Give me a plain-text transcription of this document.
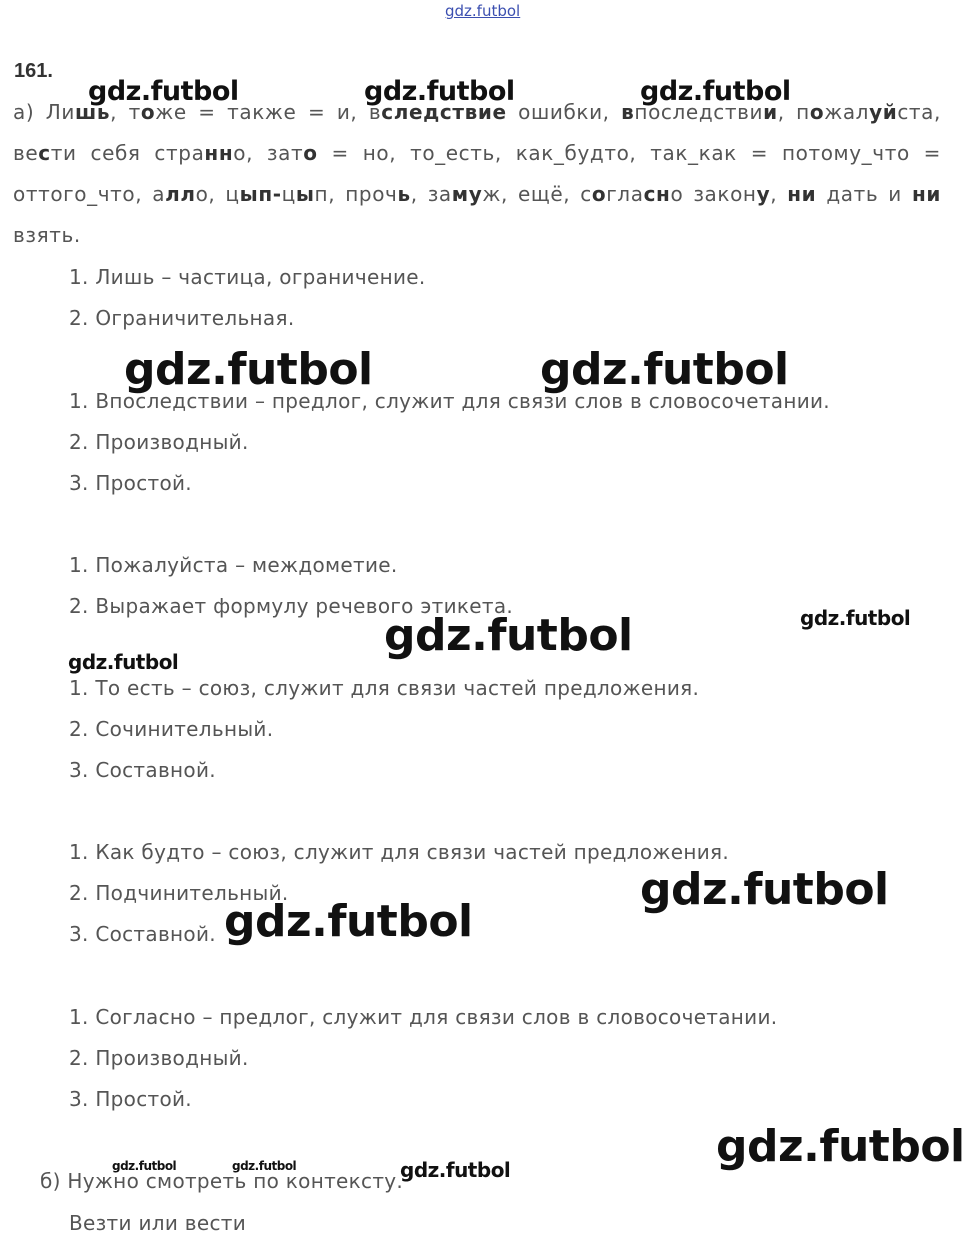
gdz.futbol
161.
а) Лишь, тоже = также = и, вследствие ошибки, впоследствии, пожалуйста, вести себя странно, зато = но, то_есть, как_будто, так_как = потому_что = оттого_что, алло, цып-цып, прочь, замуж, ещё, согласно закону, ни дать и ни взять.
1. Лишь – частица, ограничение.
2. Ограничительная.
1. Впоследствии – предлог, служит для связи слов в словосочетании.
2. Производный.
3. Простой.
1. Пожалуйста – междометие.
2. Выражает формулу речевого этикета.
1. То есть – союз, служит для связи частей предложения.
2. Сочинительный.
3. Составной.
1. Как будто – союз, служит для связи частей предложения.
2. Подчинительный.
3. Составной.
1. Согласно – предлог, служит для связи слов в словосочетании.
2. Производный.
3. Простой.
б) Нужно смотреть по контексту.
Везти или вести
gdz.futbol	gdz.futbol	gdz.futbol
gdz.futbol	gdz.futbol
gdz.futbol
gdz.futbol
gdz.futbol
gdz.futbol
gdz.futbol
gdz.futbol
gdz.futbol	gdz.futbol	gdz.futbol
